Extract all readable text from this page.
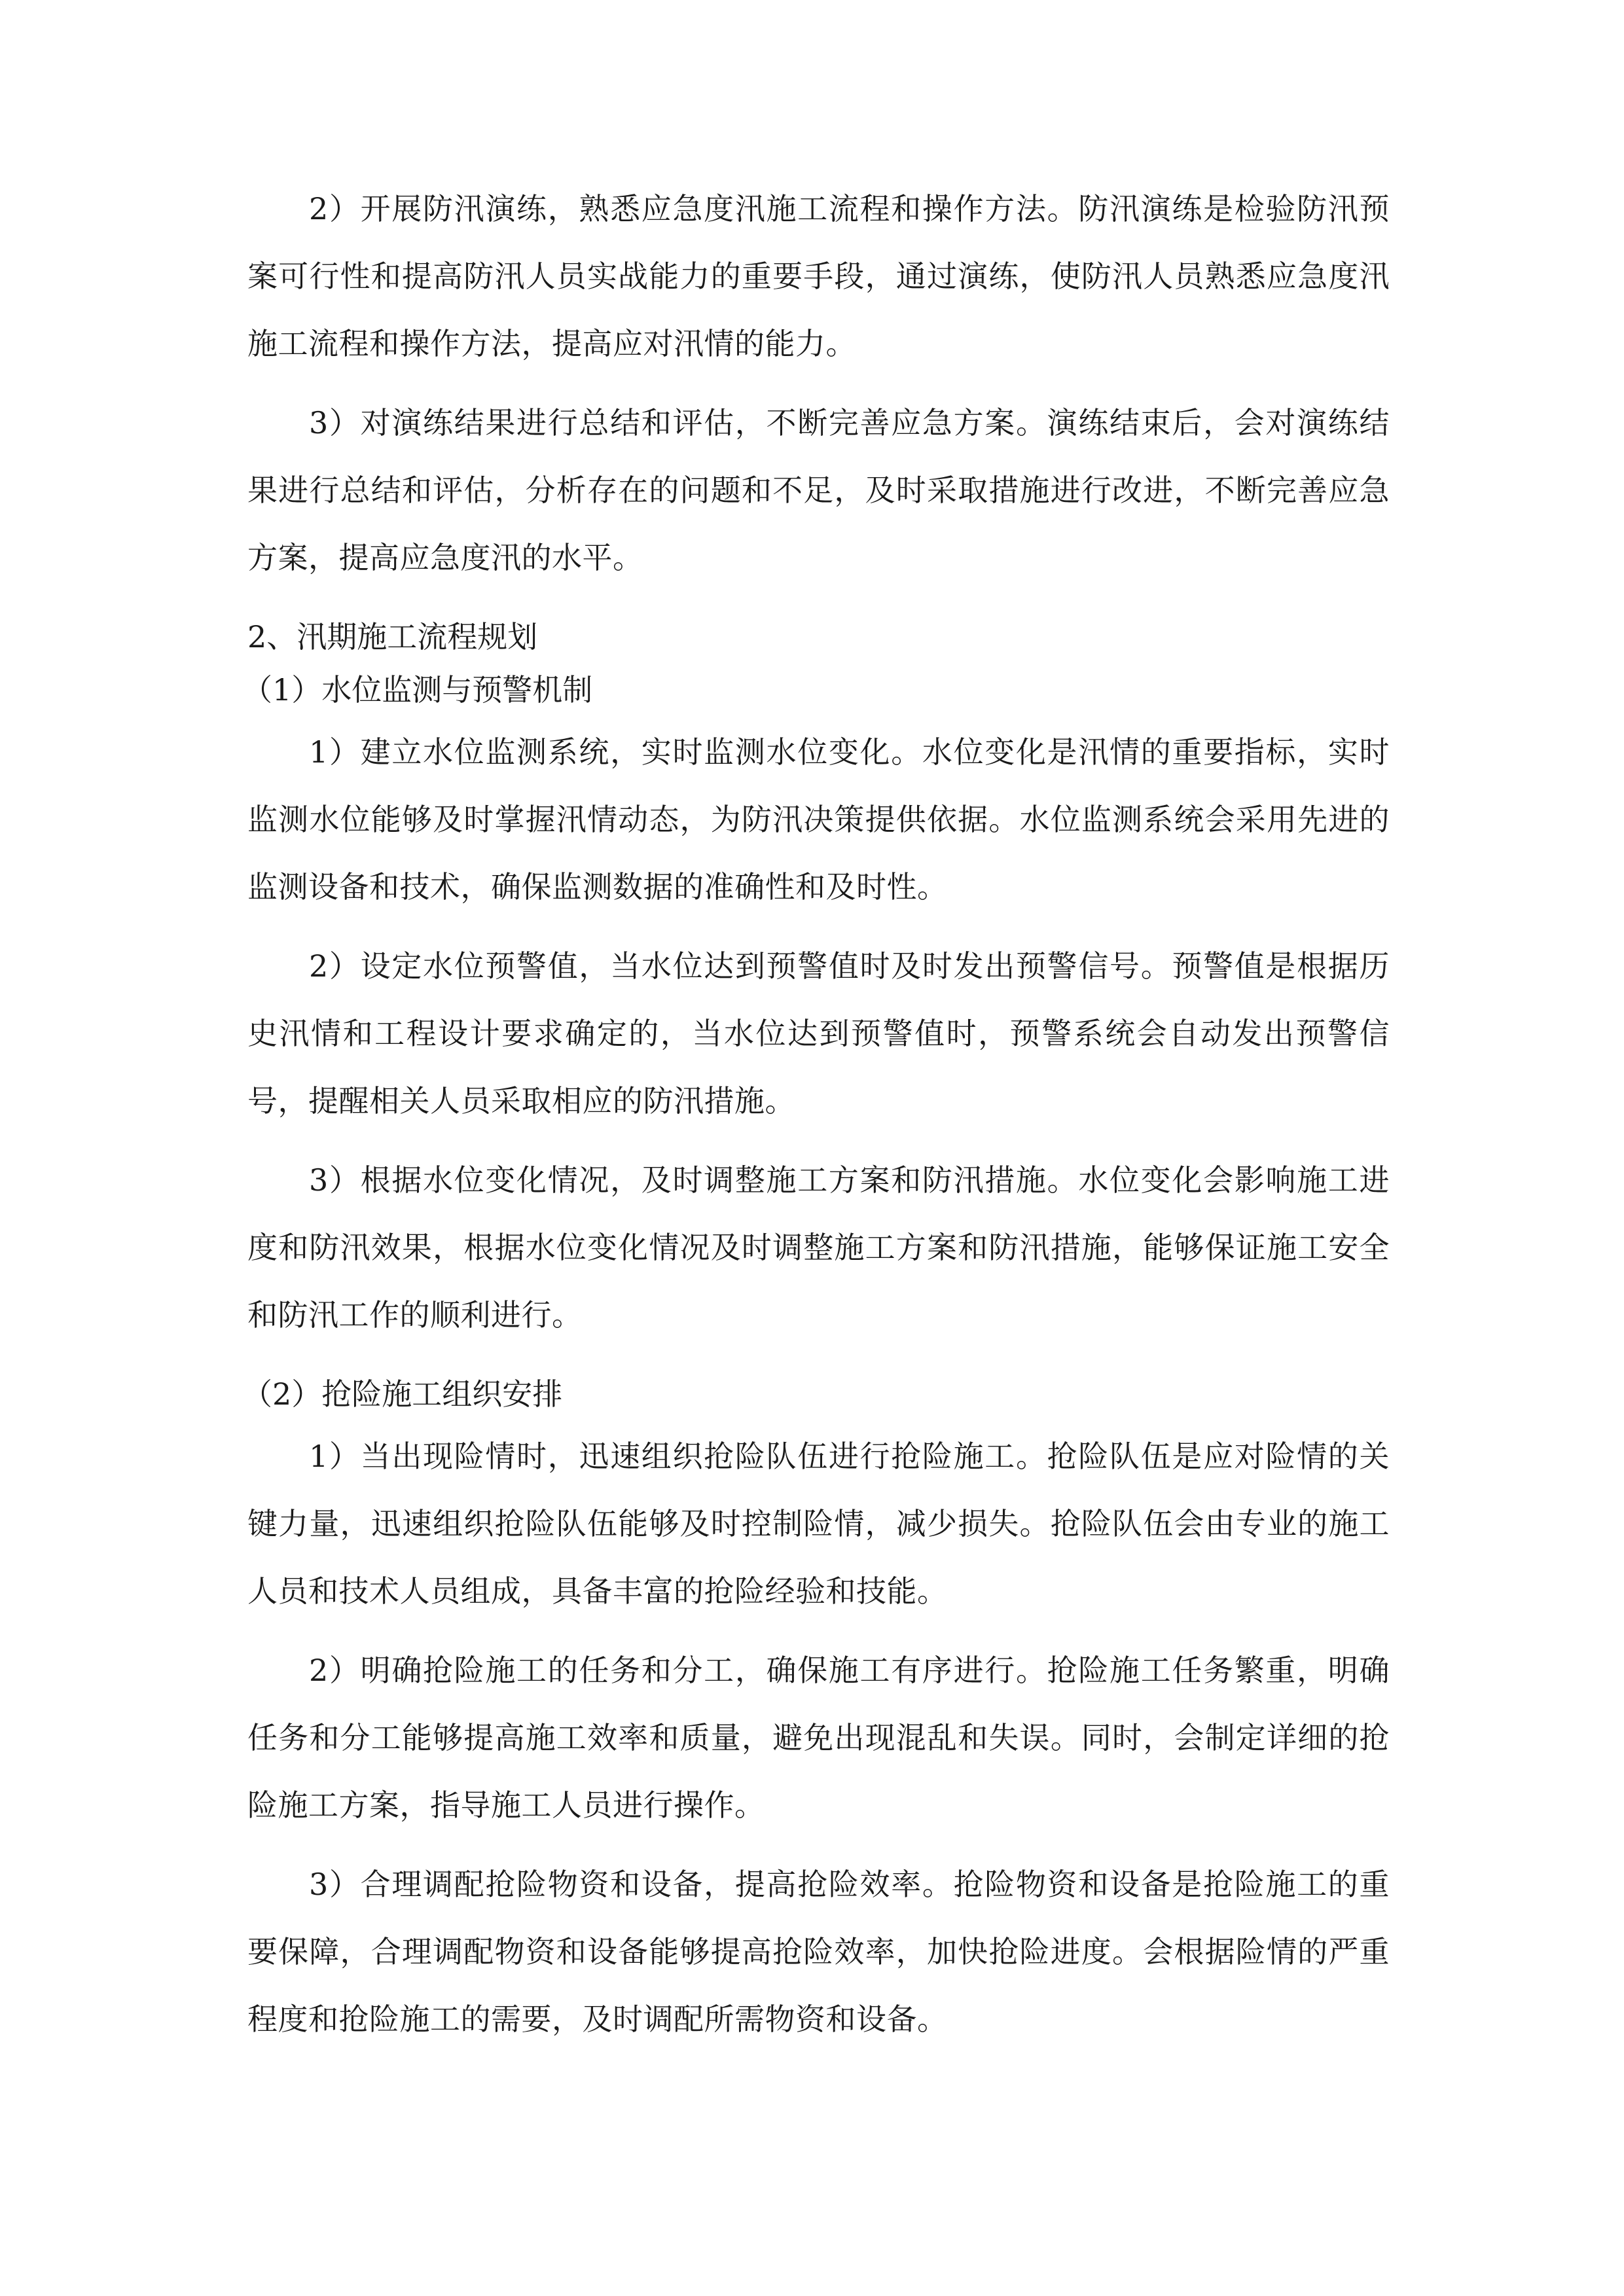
2）开展防汛演练，熟悉应急度汛施工流程和操作方法。防汛演练是检验防汛预案可行性和提高防汛人员实战能力的重要手段，通过演练，使防汛人员熟悉应急度汛施工流程和操作方法，提高应对汛情的能力。

3）对演练结果进行总结和评估，不断完善应急方案。演练结束后，会对演练结果进行总结和评估，分析存在的问题和不足，及时采取措施进行改进，不断完善应急方案，提高应急度汛的水平。

2、汛期施工流程规划

（1）水位监测与预警机制

1）建立水位监测系统，实时监测水位变化。水位变化是汛情的重要指标，实时监测水位能够及时掌握汛情动态，为防汛决策提供依据。水位监测系统会采用先进的监测设备和技术，确保监测数据的准确性和及时性。

2）设定水位预警值，当水位达到预警值时及时发出预警信号。预警值是根据历史汛情和工程设计要求确定的，当水位达到预警值时，预警系统会自动发出预警信号，提醒相关人员采取相应的防汛措施。

3）根据水位变化情况，及时调整施工方案和防汛措施。水位变化会影响施工进度和防汛效果，根据水位变化情况及时调整施工方案和防汛措施，能够保证施工安全和防汛工作的顺利进行。

（2）抢险施工组织安排

1）当出现险情时，迅速组织抢险队伍进行抢险施工。抢险队伍是应对险情的关键力量，迅速组织抢险队伍能够及时控制险情，减少损失。抢险队伍会由专业的施工人员和技术人员组成，具备丰富的抢险经验和技能。

2）明确抢险施工的任务和分工，确保施工有序进行。抢险施工任务繁重，明确任务和分工能够提高施工效率和质量，避免出现混乱和失误。同时，会制定详细的抢险施工方案，指导施工人员进行操作。

3）合理调配抢险物资和设备，提高抢险效率。抢险物资和设备是抢险施工的重要保障，合理调配物资和设备能够提高抢险效率，加快抢险进度。会根据险情的严重程度和抢险施工的需要，及时调配所需物资和设备。
